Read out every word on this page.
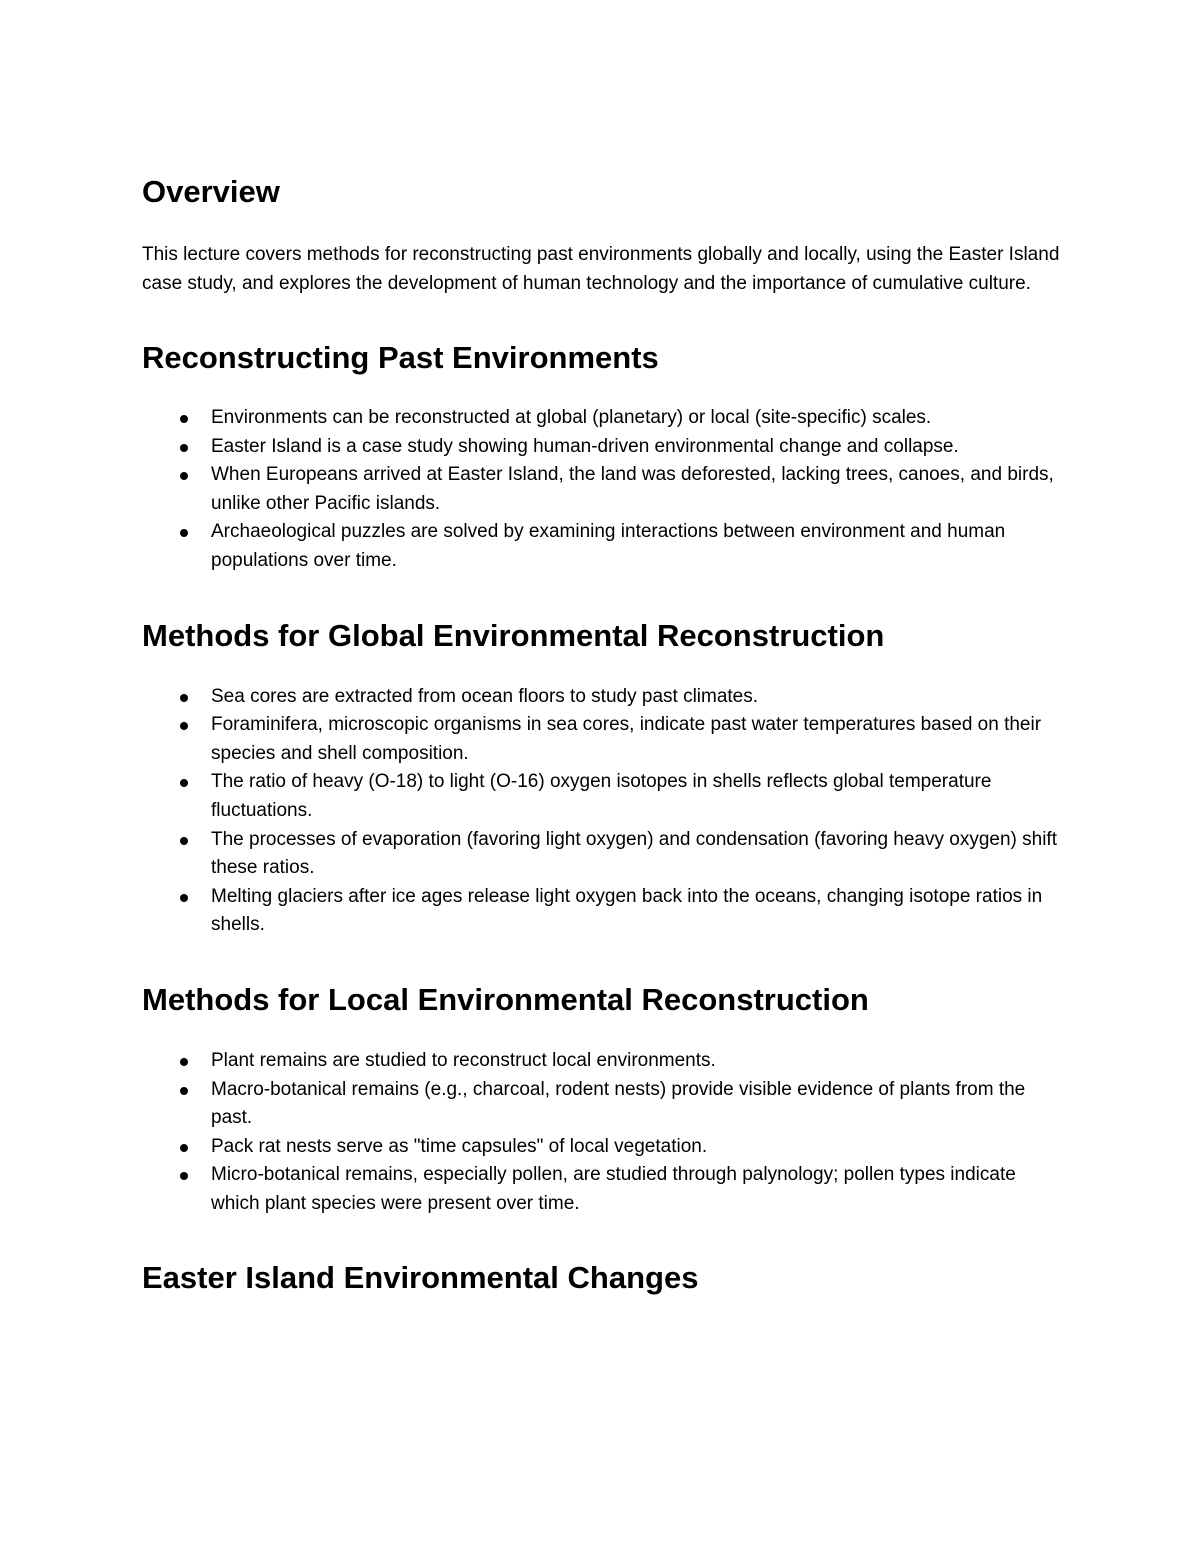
Overview

This lecture covers methods for reconstructing past environments globally and locally, using the Easter Island case study, and explores the development of human technology and the importance of cumulative culture.

Reconstructing Past Environments
Environments can be reconstructed at global (planetary) or local (site-specific) scales.
Easter Island is a case study showing human-driven environmental change and collapse.
When Europeans arrived at Easter Island, the land was deforested, lacking trees, canoes, and birds, unlike other Pacific islands.
Archaeological puzzles are solved by examining interactions between environment and human populations over time.
Methods for Global Environmental Reconstruction
Sea cores are extracted from ocean floors to study past climates.
Foraminifera, microscopic organisms in sea cores, indicate past water temperatures based on their species and shell composition.
The ratio of heavy (O-18) to light (O-16) oxygen isotopes in shells reflects global temperature fluctuations.
The processes of evaporation (favoring light oxygen) and condensation (favoring heavy oxygen) shift these ratios.
Melting glaciers after ice ages release light oxygen back into the oceans, changing isotope ratios in shells.
Methods for Local Environmental Reconstruction
Plant remains are studied to reconstruct local environments.
Macro-botanical remains (e.g., charcoal, rodent nests) provide visible evidence of plants from the past.
Pack rat nests serve as "time capsules" of local vegetation.
Micro-botanical remains, especially pollen, are studied through palynology; pollen types indicate which plant species were present over time.
Easter Island Environmental Changes
